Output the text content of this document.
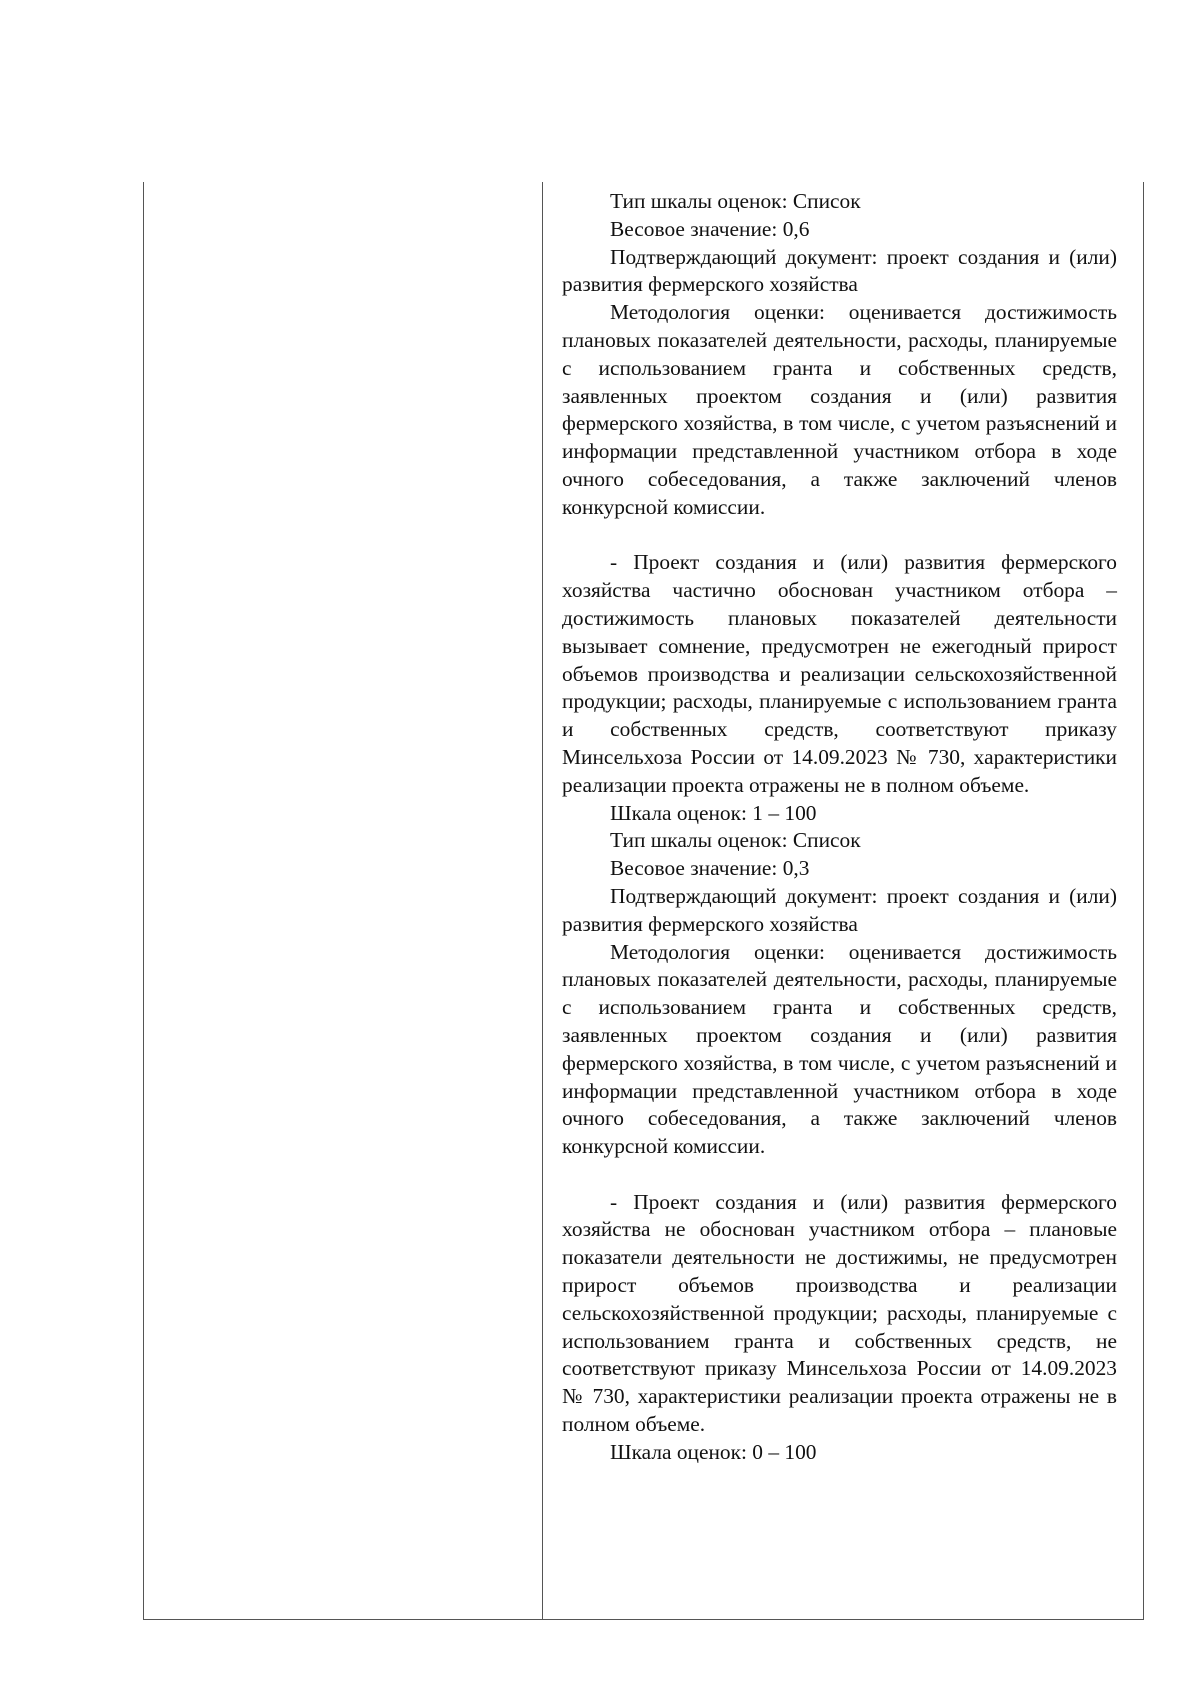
Тип шкалы оценок: Список

Весовое значение: 0,6

Подтверждающий документ: проект создания и (или) развития фермерского хозяйства

Методология оценки: оценивается достижимость плановых показателей деятельности, расходы, планируемые с использованием гранта и собственных средств, заявленных проектом создания и (или) развития фермерского хозяйства, в том числе, с учетом разъяснений и информации представленной участником отбора в ходе очного собеседования, а также заключений членов конкурсной комиссии.

- Проект создания и (или) развития фермерского хозяйства частично обоснован участником отбора – достижимость плановых показателей деятельности вызывает сомнение, предусмотрен не ежегодный прирост объемов производства и реализации сельскохозяйственной продукции; расходы, планируемые с использованием гранта и собственных средств, соответствуют приказу Минсельхоза России от 14.09.2023 № 730, характеристики реализации проекта отражены не в полном объеме.

Шкала оценок: 1 – 100

Тип шкалы оценок: Список

Весовое значение: 0,3

Подтверждающий документ: проект создания и (или) развития фермерского хозяйства

Методология оценки: оценивается достижимость плановых показателей деятельности, расходы, планируемые с использованием гранта и собственных средств, заявленных проектом создания и (или) развития фермерского хозяйства, в том числе, с учетом разъяснений и информации представленной участником отбора в ходе очного собеседования, а также заключений членов конкурсной комиссии.

- Проект создания и (или) развития фермерского хозяйства не обоснован участником отбора – плановые показатели деятельности не достижимы, не предусмотрен прирост объемов производства и реализации сельскохозяйственной продукции; расходы, планируемые с использованием гранта и собственных средств, не соответствуют приказу Минсельхоза России от 14.09.2023 № 730, характеристики реализации проекта отражены не в полном объеме.

Шкала оценок: 0 – 100
